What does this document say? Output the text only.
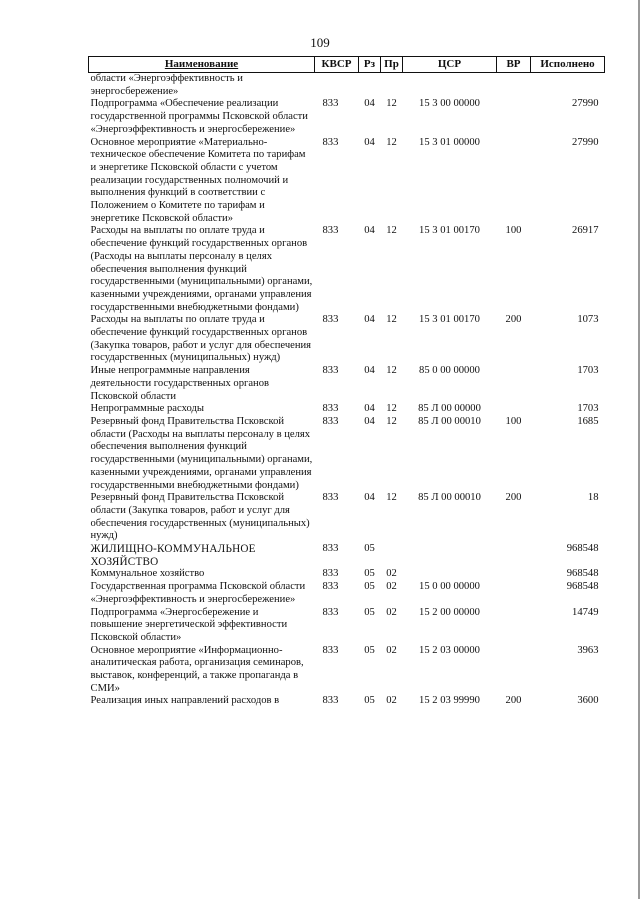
109
Наименование	КВСР	Рз	Пр	ЦСР	ВР	Исполнено
области «Энергоэффективность и энергосбережение»						
Подпрограмма «Обеспечение реализации государственной программы Псковской области «Энергоэффективность и энергосбережение»	833	04	12	15 3 00 00000		27990
Основное мероприятие «Материально-техническое обеспечение Комитета по тарифам и энергетике Псковской области с учетом реализации государственных полномочий и выполнения функций в соответствии с Положением о Комитете по тарифам и энергетике Псковской области»	833	04	12	15 3 01 00000		27990
Расходы на выплаты по оплате труда и обеспечение функций государственных органов (Расходы на выплаты персоналу в целях обеспечения выполнения функций государственными (муниципальными) органами, казенными учреждениями, органами управления государственными внебюджетными фондами)	833	04	12	15 3 01 00170	100	26917
Расходы на выплаты по оплате труда и обеспечение функций государственных органов (Закупка товаров, работ и услуг для обеспечения государственных (муниципальных) нужд)	833	04	12	15 3 01 00170	200	1073
Иные непрограммные направления деятельности государственных органов Псковской области	833	04	12	85 0 00 00000		1703
Непрограммные расходы	833	04	12	85 Л 00 00000		1703
Резервный фонд Правительства Псковской области (Расходы на выплаты персоналу в целях обеспечения выполнения функций государственными (муниципальными) органами, казенными учреждениями, органами управления государственными внебюджетными фондами)	833	04	12	85 Л 00 00010	100	1685
Резервный фонд Правительства Псковской области (Закупка товаров, работ и услуг для обеспечения государственных (муниципальных) нужд)	833	04	12	85 Л 00 00010	200	18
ЖИЛИЩНО-КОММУНАЛЬНОЕ ХОЗЯЙСТВО	833	05				968548
Коммунальное хозяйство	833	05	02			968548
Государственная программа Псковской области «Энергоэффективность и энергосбережение»	833	05	02	15 0 00 00000		968548
Подпрограмма «Энергосбережение и повышение энергетической эффективности Псковской области»	833	05	02	15 2 00 00000		14749
Основное мероприятие «Информационно-аналитическая работа, организация семинаров, выставок, конференций, а также пропаганда в СМИ»	833	05	02	15 2 03 00000		3963
Реализация иных направлений расходов в	833	05	02	15 2 03 99990	200	3600
